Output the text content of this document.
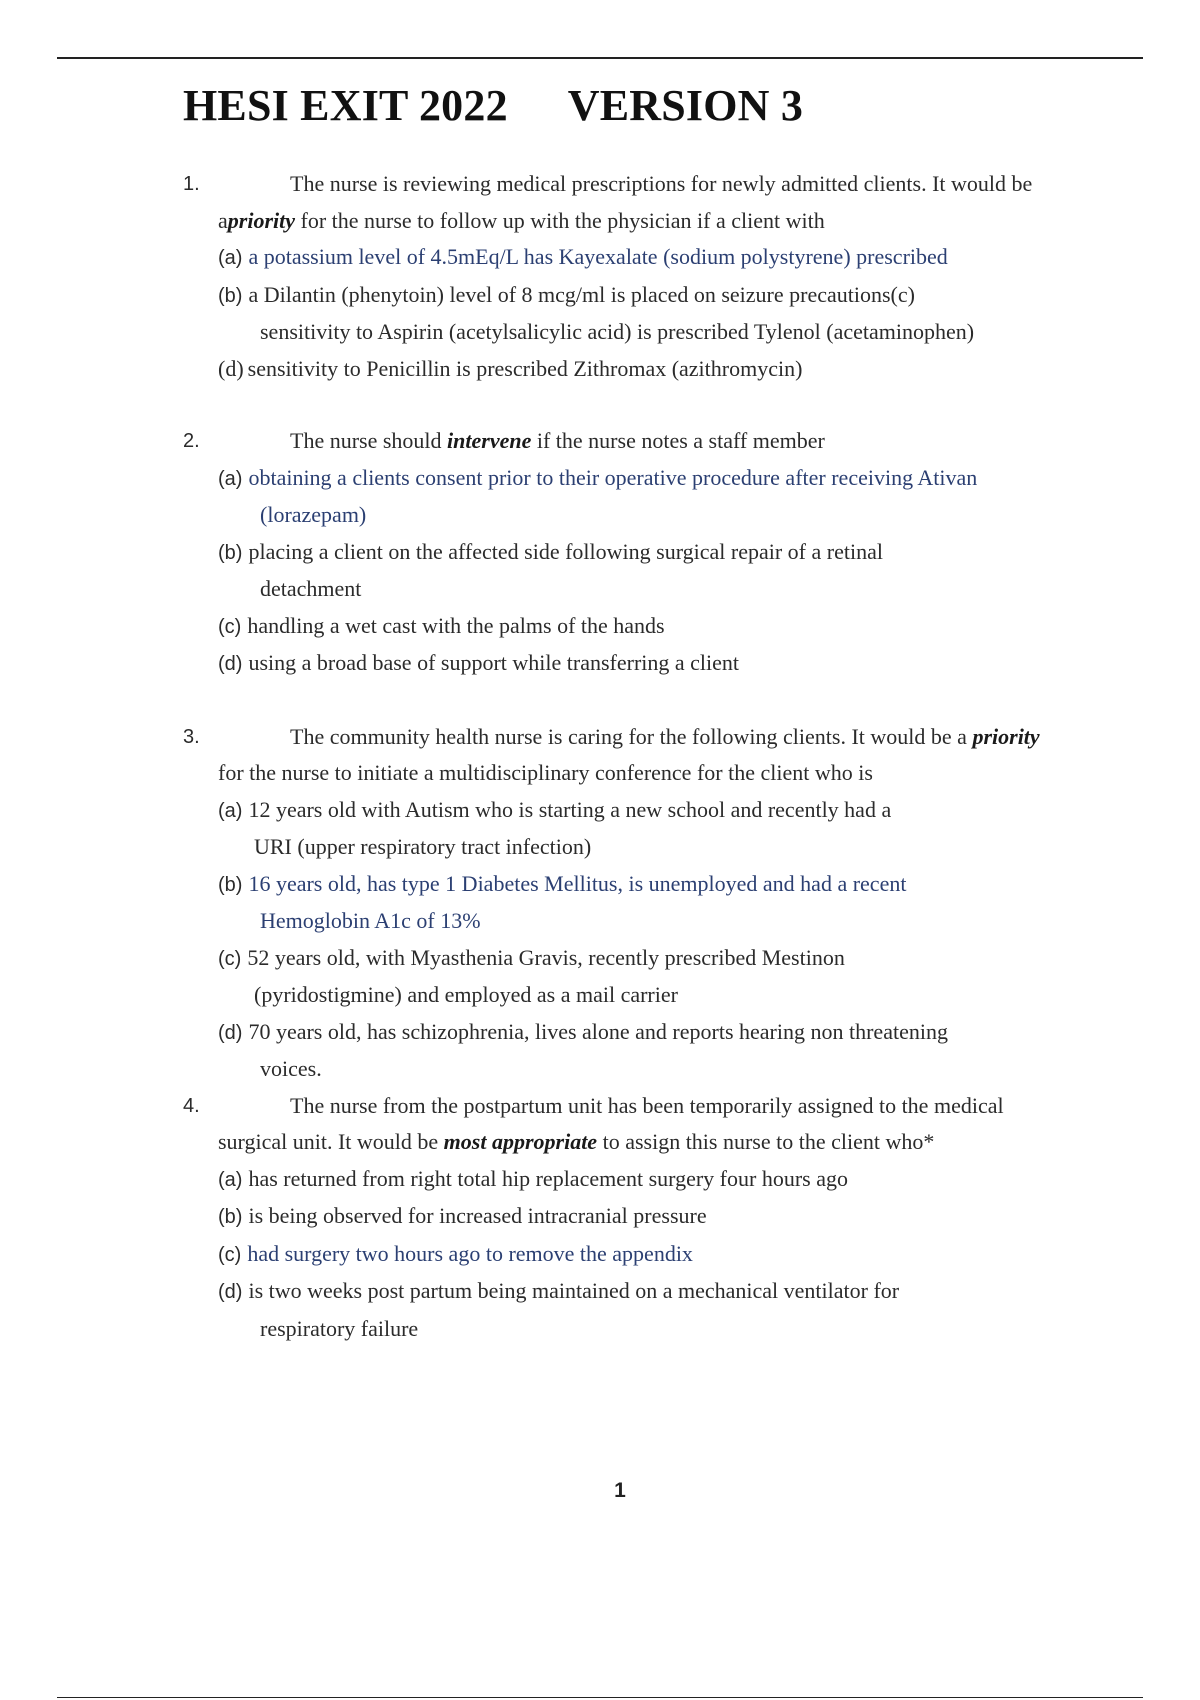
HESI EXIT 2022 VERSION 3
1.	The nurse is reviewing medical prescriptions for newly admitted clients. It would be apriority for the nurse to follow up with the physician if a client with

(a) a potassium level of 4.5mEq/L has Kayexalate (sodium polystyrene) prescribed

(b) a Dilantin (phenytoin) level of 8 mcg/ml is placed on seizure precautions(c)
sensitivity to Aspirin (acetylsalicylic acid) is prescribed Tylenol (acetaminophen)

(d) sensitivity to Penicillin is prescribed Zithromax (azithromycin)

2.	The nurse should intervene if the nurse notes a staff member

(a) obtaining a clients consent prior to their operative procedure after receiving Ativan
(lorazepam)

(b) placing a client on the affected side following surgical repair of a retinal
detachment

(c) handling a wet cast with the palms of the hands

(d) using a broad base of support while transferring a client

3.	The community health nurse is caring for the following clients. It would be a priority for the nurse to initiate a multidisciplinary conference for the client who is

(a) 12 years old with Autism who is starting a new school and recently had a
URI (upper respiratory tract infection)

(b) 16 years old, has type 1 Diabetes Mellitus, is unemployed and had a recent
Hemoglobin A1c of 13%

(c) 52 years old, with Myasthenia Gravis, recently prescribed Mestinon
(pyridostigmine) and employed as a mail carrier

(d) 70 years old, has schizophrenia, lives alone and reports hearing non threatening
voices.

4.	The nurse from the postpartum unit has been temporarily assigned to the medical surgical unit. It would be most appropriate to assign this nurse to the client who*

(a) has returned from right total hip replacement surgery four hours ago

(b) is being observed for increased intracranial pressure

(c) had surgery two hours ago to remove the appendix

(d) is two weeks post partum being maintained on a mechanical ventilator for
respiratory failure

1
